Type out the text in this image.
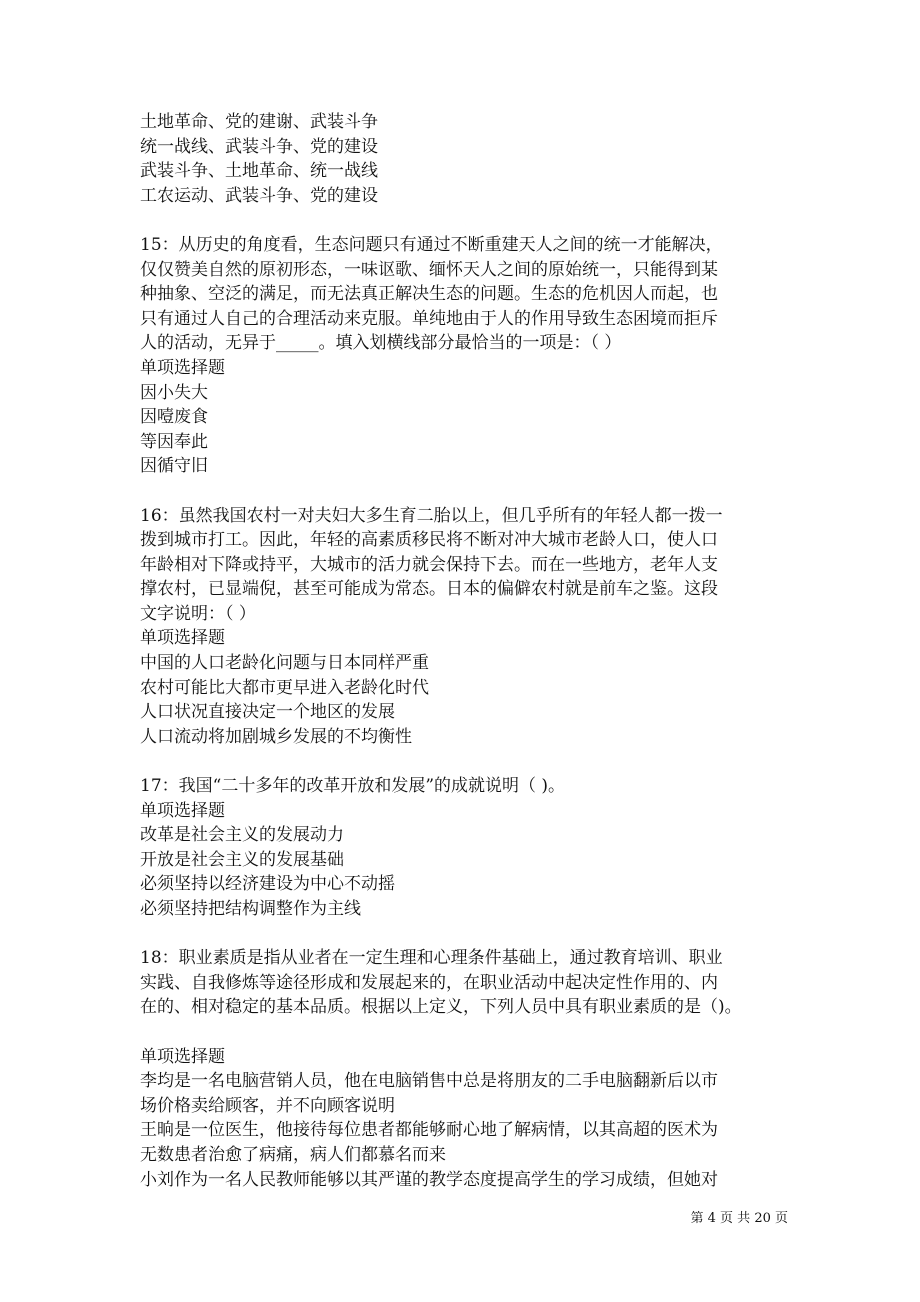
土地革命、党的建谢、武装斗争
统一战线、武装斗争、党的建设
武装斗争、土地革命、统一战线
工农运动、武装斗争、党的建设
15：从历史的角度看，生态问题只有通过不断重建天人之间的统一才能解决，
仅仅赞美自然的原初形态，一味讴歌、缅怀天人之间的原始统一，只能得到某
种抽象、空泛的满足，而无法真正解决生态的问题。生态的危机因人而起，也
只有通过人自己的合理活动来克服。单纯地由于人的作用导致生态困境而拒斥
人的活动，无异于_____。填入划横线部分最恰当的一项是：（ ）
单项选择题
因小失大
因噎废食
等因奉此
因循守旧
16：虽然我国农村一对夫妇大多生育二胎以上，但几乎所有的年轻人都一拨一
拨到城市打工。因此，年轻的高素质移民将不断对冲大城市老龄人口，使人口
年龄相对下降或持平，大城市的活力就会保持下去。而在一些地方，老年人支
撑农村，已显端倪，甚至可能成为常态。日本的偏僻农村就是前车之鉴。这段
文字说明：（ ）
单项选择题
中国的人口老龄化问题与日本同样严重
农村可能比大都市更早进入老龄化时代
人口状况直接决定一个地区的发展
人口流动将加剧城乡发展的不均衡性
17：我国“二十多年的改革开放和发展”的成就说明（ )。
单项选择题
改革是社会主义的发展动力
开放是社会主义的发展基础
必须坚持以经济建设为中心不动摇
必须坚持把结构调整作为主线
18：职业素质是指从业者在一定生理和心理条件基础上，通过教育培训、职业
实践、自我修炼等途径形成和发展起来的，在职业活动中起决定性作用的、内
在的、相对稳定的基本品质。根据以上定义，下列人员中具有职业素质的是（)。
单项选择题
李均是一名电脑营销人员，他在电脑销售中总是将朋友的二手电脑翻新后以市
场价格卖给顾客，并不向顾客说明
王晌是一位医生，他接待每位患者都能够耐心地了解病情，以其高超的医术为
无数患者治愈了病痛，病人们都慕名而来
小刘作为一名人民教师能够以其严谨的教学态度提高学生的学习成绩，但她对
第 4 页 共 20 页
